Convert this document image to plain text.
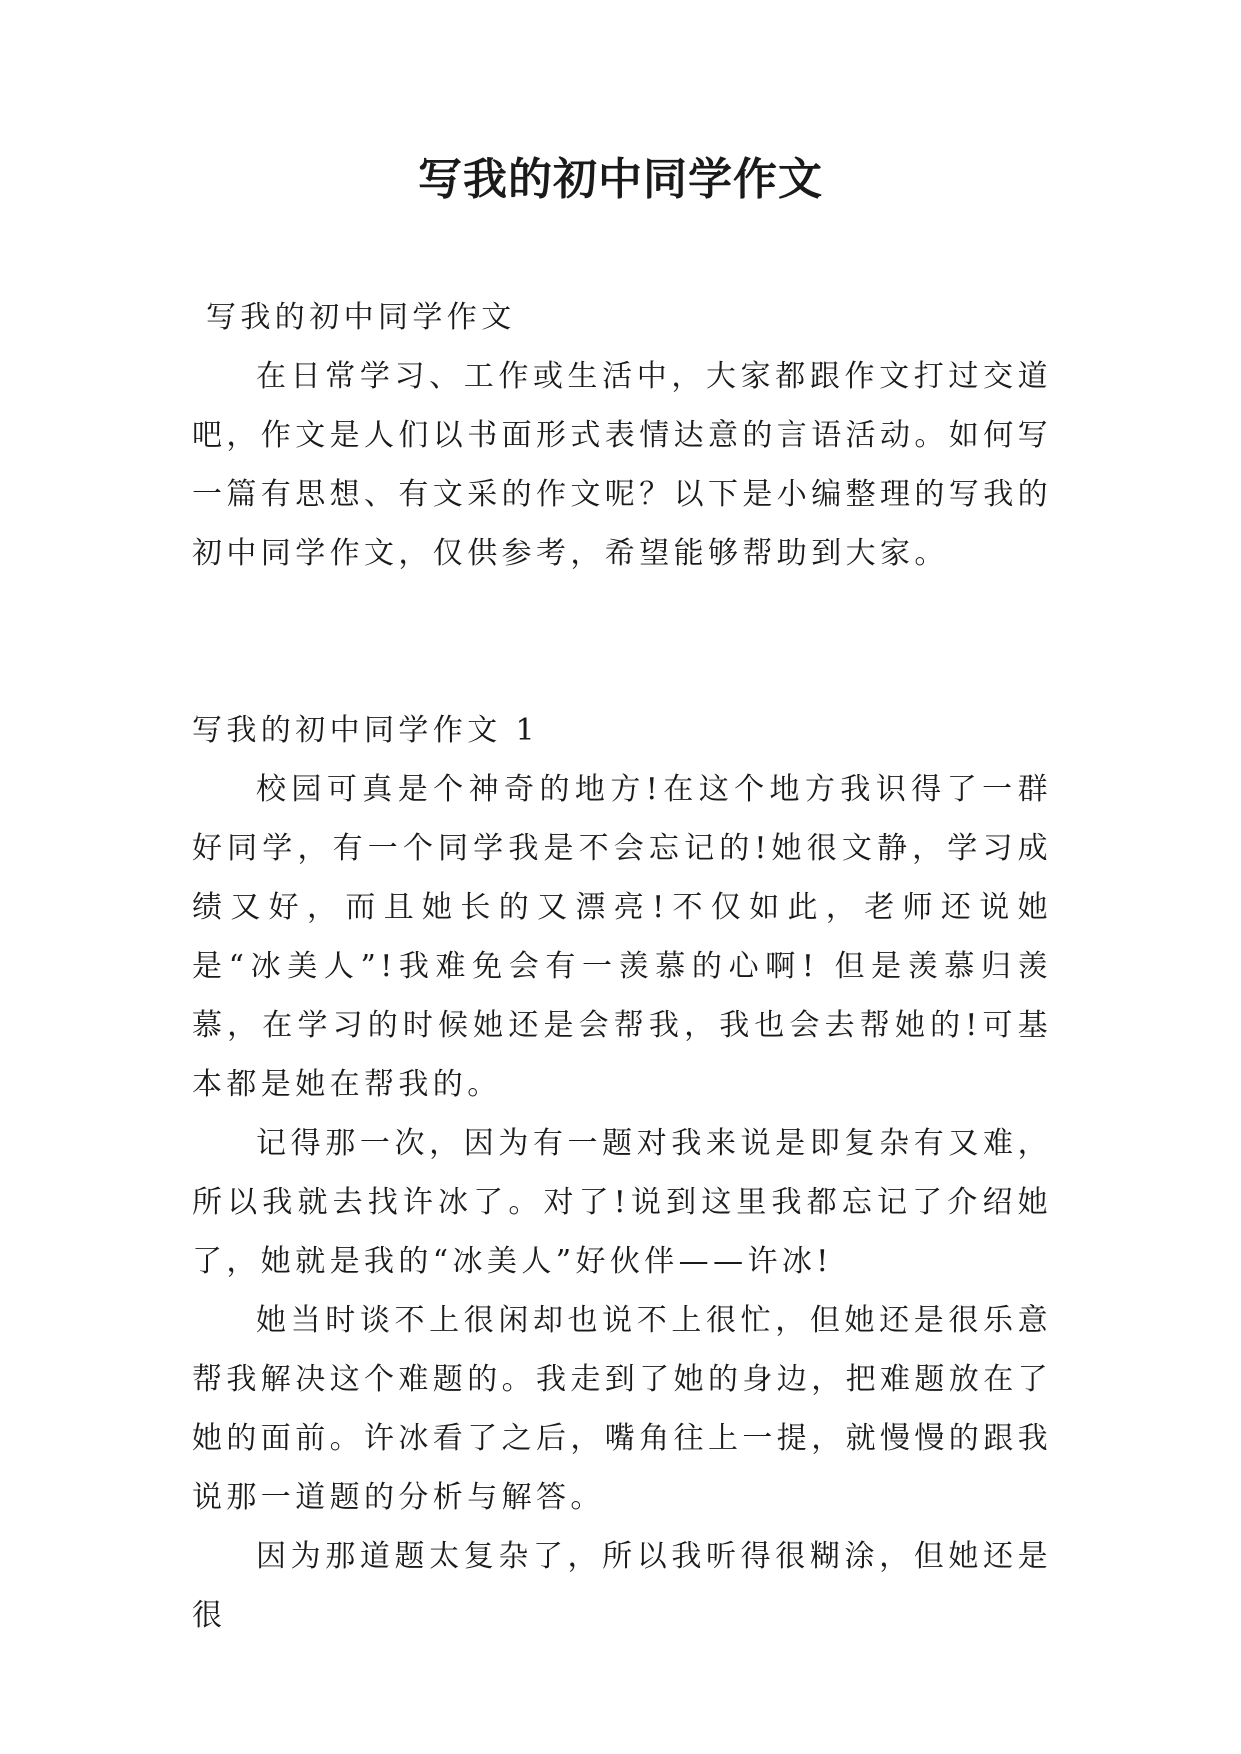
写我的初中同学作文

写我的初中同学作文

在日常学习、工作或生活中，大家都跟作文打过交道吧，作文是人们以书面形式表情达意的言语活动。如何写一篇有思想、有文采的作文呢？以下是小编整理的写我的初中同学作文，仅供参考，希望能够帮助到大家。

写我的初中同学作文 1

校园可真是个神奇的地方!在这个地方我识得了一群好同学，有一个同学我是不会忘记的!她很文静，学习成绩又好，而且她长的又漂亮!不仅如此，老师还说她是“冰美人”!我难免会有一羡慕的心啊! 但是羡慕归羡慕，在学习的时候她还是会帮我，我也会去帮她的!可基本都是她在帮我的。

记得那一次，因为有一题对我来说是即复杂有又难，所以我就去找许冰了。对了!说到这里我都忘记了介绍她了，她就是我的“冰美人”好伙伴——许冰!

她当时谈不上很闲却也说不上很忙，但她还是很乐意帮我解决这个难题的。我走到了她的身边，把难题放在了她的面前。许冰看了之后，嘴角往上一提，就慢慢的跟我说那一道题的分析与解答。

因为那道题太复杂了，所以我听得很糊涂，但她还是很
